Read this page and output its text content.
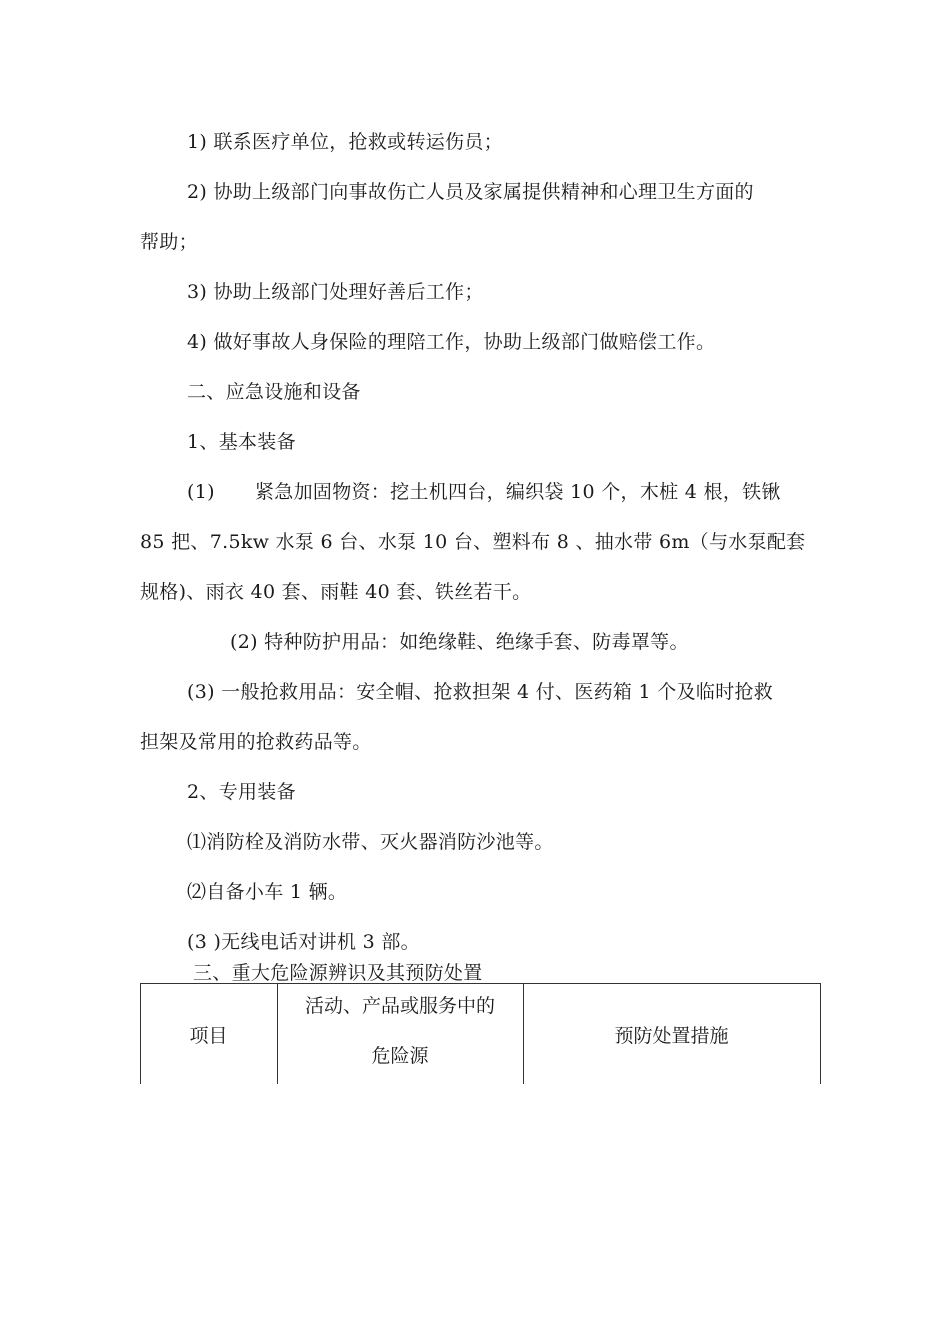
1) 联系医疗单位，抢救或转运伤员；
2) 协助上级部门向事故伤亡人员及家属提供精神和心理卫生方面的
帮助；
3) 协助上级部门处理好善后工作；
4) 做好事故人身保险的理陪工作，协助上级部门做赔偿工作。
二、应急设施和设备
1、基本装备
(1) 紧急加固物资：挖土机四台，编织袋 10 个，木桩 4 根，铁锹
85 把、7.5kw 水泵 6 台、水泵 10 台、塑料布 8 、抽水带 6m（与水泵配套
规格)、雨衣 40 套、雨鞋 40 套、铁丝若干。
(2) 特种防护用品：如绝缘鞋、绝缘手套、防毒罩等。
(3) 一般抢救用品：安全帽、抢救担架 4 付、医药箱 1 个及临时抢救
担架及常用的抢救药品等。
2、专用装备
⑴消防栓及消防水带、灭火器消防沙池等。
⑵自备小车 1 辆。
(3 )无线电话对讲机 3 部。
三、重大危险源辨识及其预防处置
项目
活动、产品或服务中的
危险源
预防处置措施
